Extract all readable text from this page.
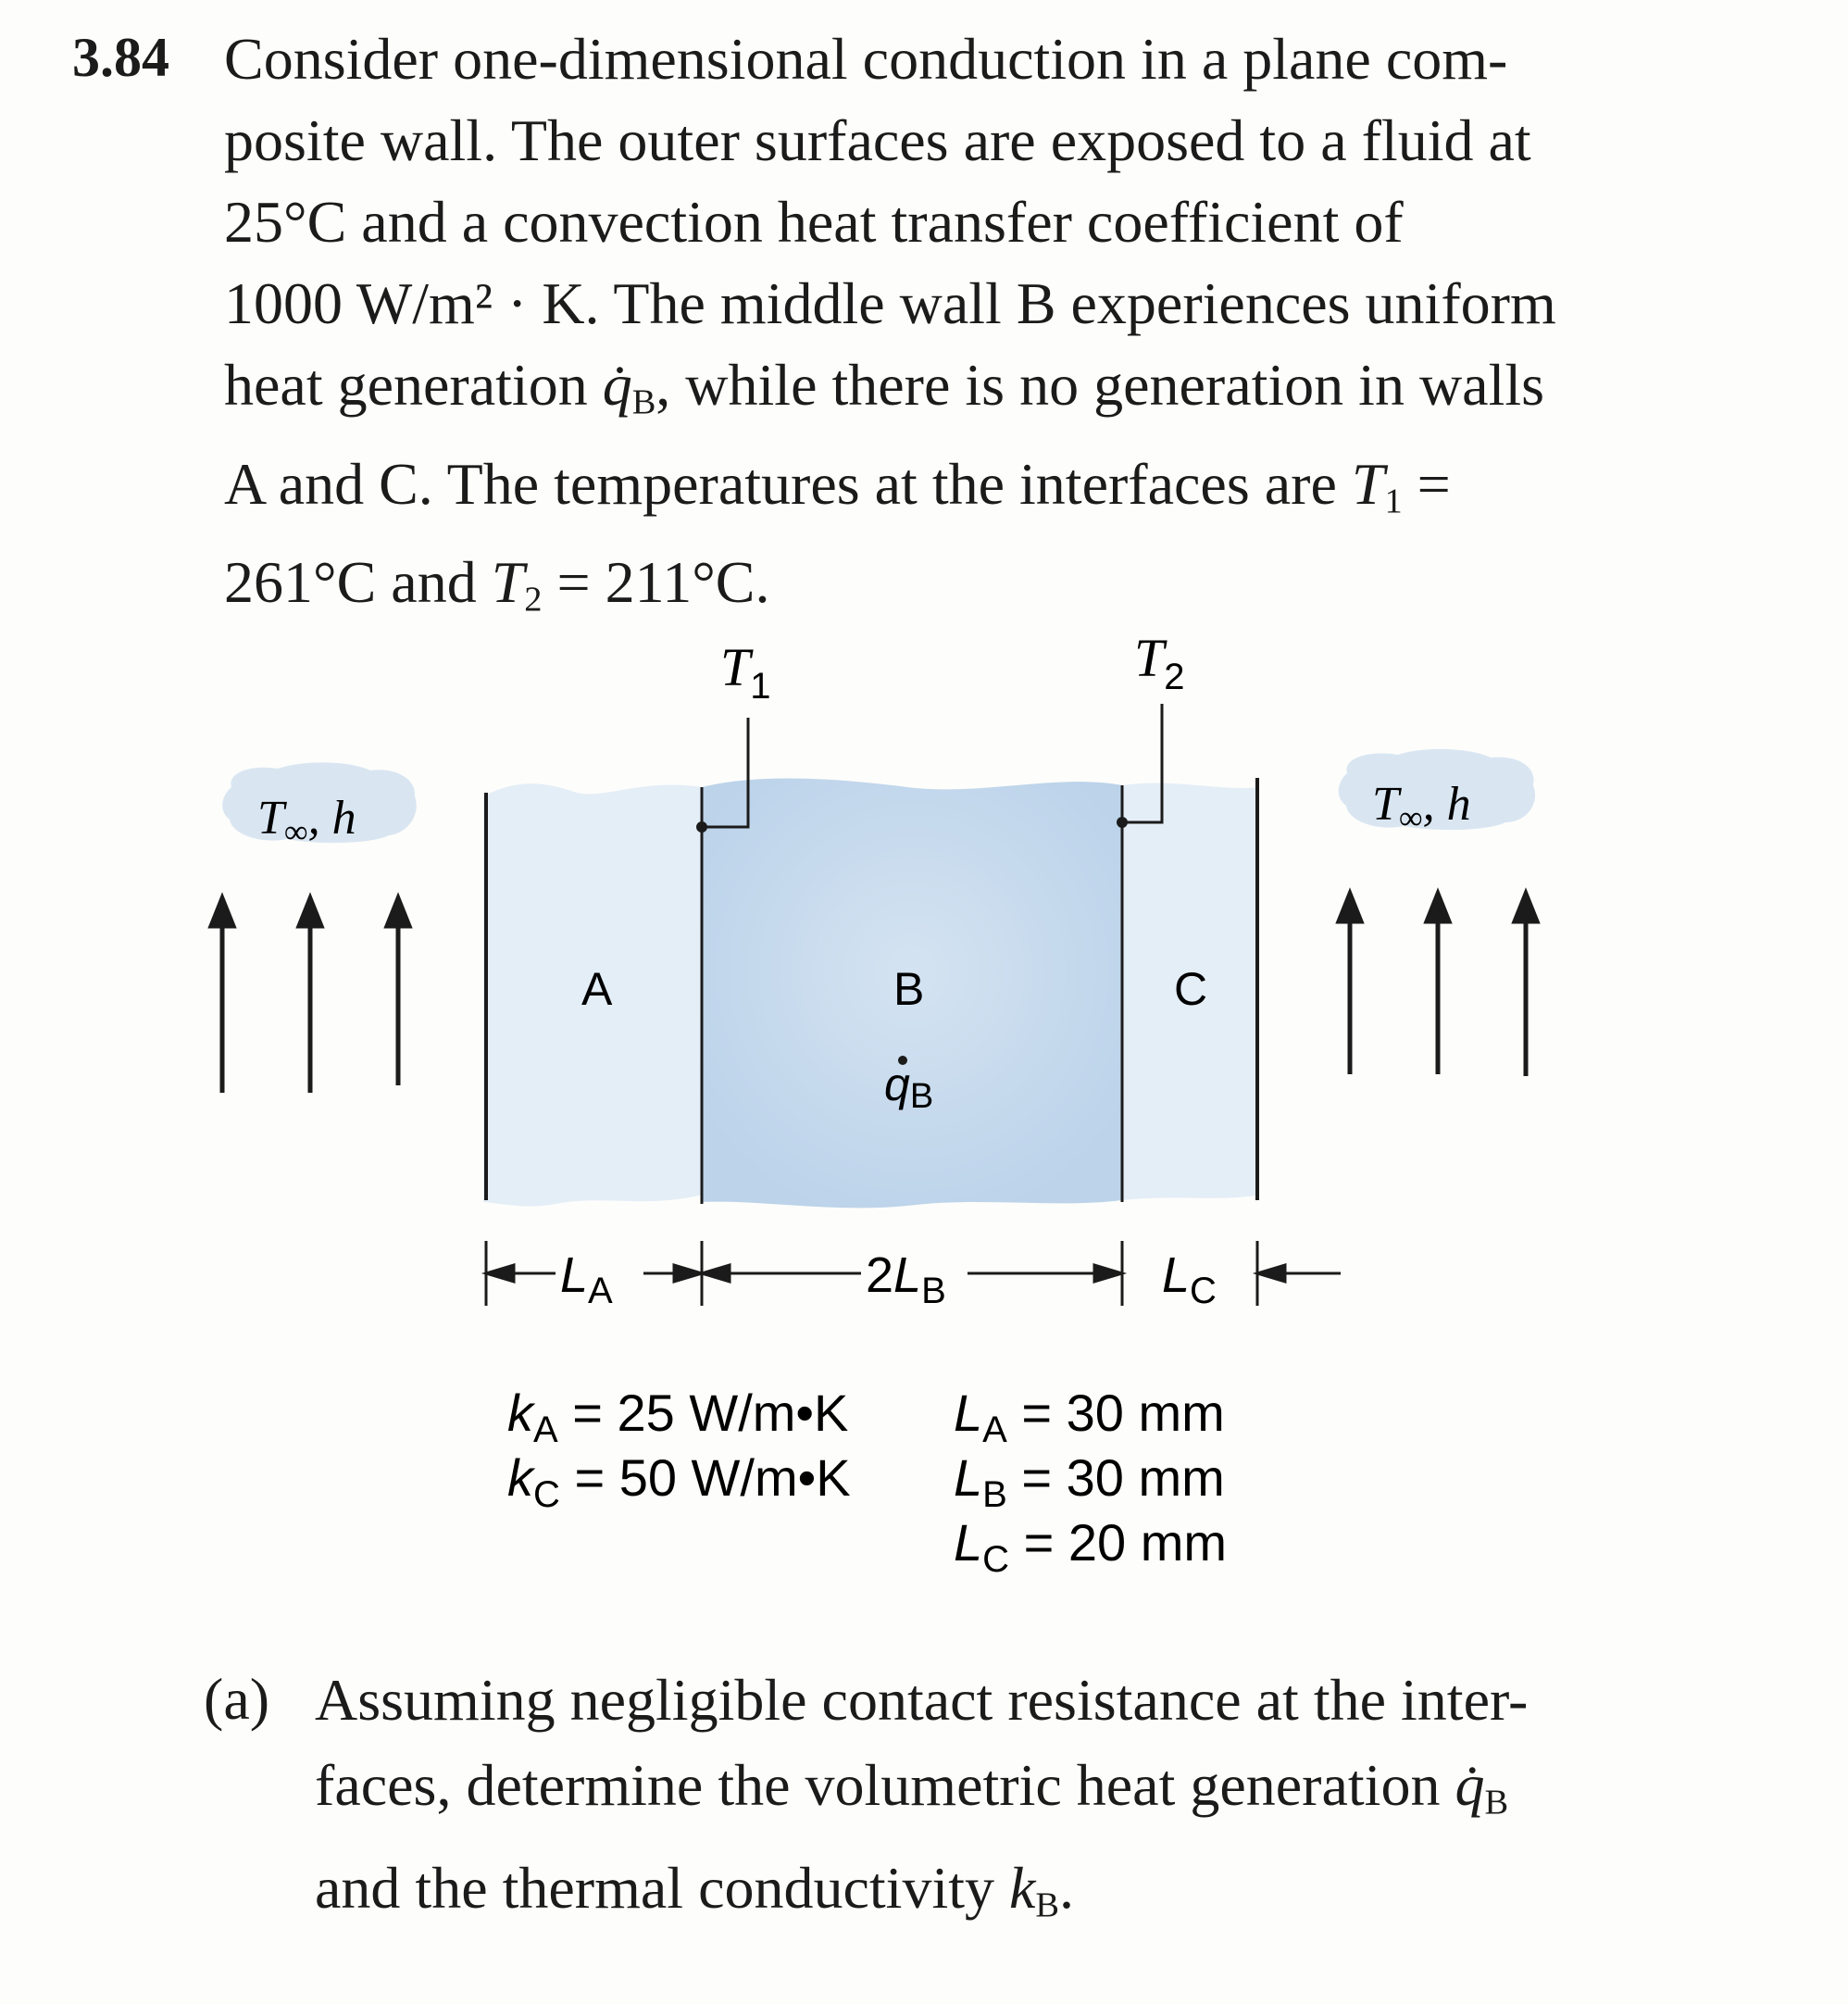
3.84 Consider one-dimensional conduction in a plane com-
posite wall. The outer surfaces are exposed to a fluid at
25°C and a convection heat transfer coefficient of
1000 W/m² · K. The middle wall B experiences uniform
heat generation $q̇_B$, while there is no generation in walls
A and C. The temperatures at the interfaces are $T_1$ =
261°C and $T_2 = 211^\circ C$.
$T_1$	$T_2$
T∞, h	T∞, h
A	B	C
qB
$L_A$	$2L_B$	$L_C$
$k_A = 25$ W/m•K
$k_C = 50$ W/m•K
$L_A = 30$ mm
$L_B = 30$ mm
$L_C = 20$ mm
(a) Assuming negligible contact resistance at the inter-
faces, determine the volumetric heat generation $q̇_B$
and the thermal conductivity $k_B$.
